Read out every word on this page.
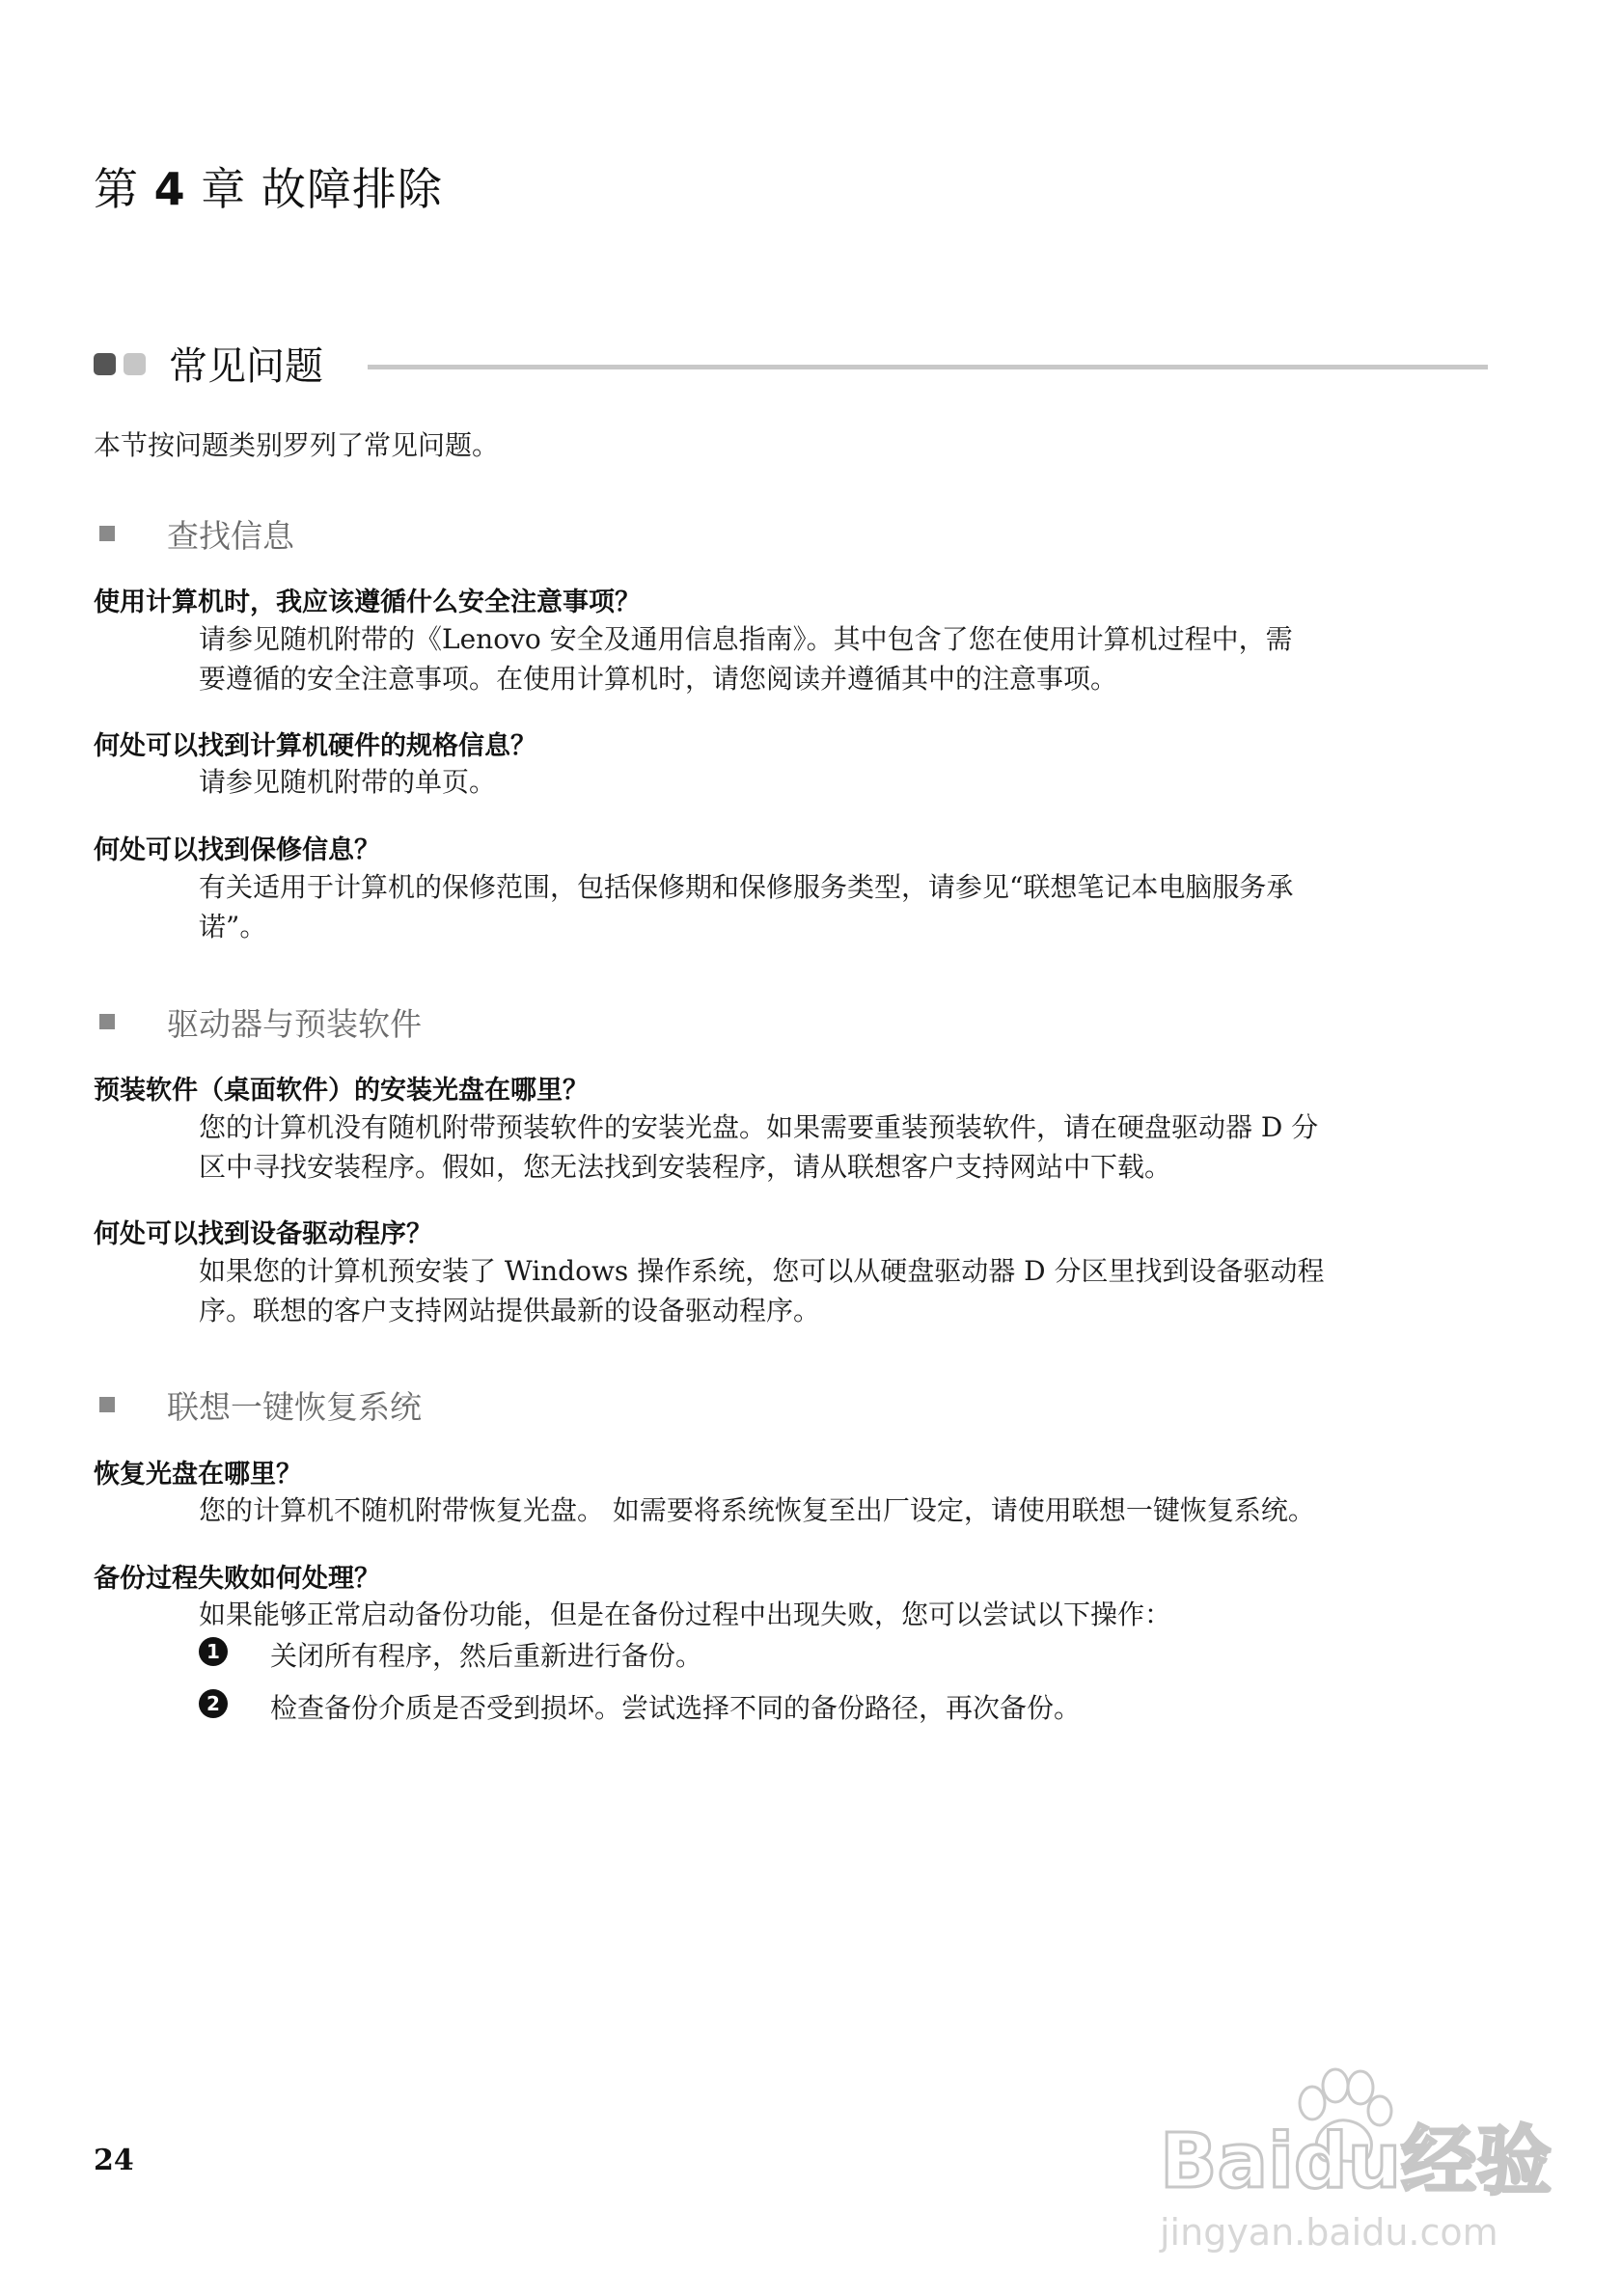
第 4 章 故障排除
常见问题
本节按问题类别罗列了常见问题。
查找信息
使用计算机时，我应该遵循什么安全注意事项？
请参见随机附带的《Lenovo 安全及通用信息指南》。其中包含了您在使用计算机过程中，需
要遵循的安全注意事项。在使用计算机时，请您阅读并遵循其中的注意事项。
何处可以找到计算机硬件的规格信息？
请参见随机附带的单页。
何处可以找到保修信息？
有关适用于计算机的保修范围，包括保修期和保修服务类型，请参见“联想笔记本电脑服务承
诺”。
驱动器与预装软件
预装软件（桌面软件）的安装光盘在哪里？
您的计算机没有随机附带预装软件的安装光盘。如果需要重装预装软件，请在硬盘驱动器 D 分
区中寻找安装程序。假如，您无法找到安装程序，请从联想客户支持网站中下载。
何处可以找到设备驱动程序？
如果您的计算机预安装了 Windows 操作系统，您可以从硬盘驱动器 D 分区里找到设备驱动程
序。联想的客户支持网站提供最新的设备驱动程序。
联想一键恢复系统
恢复光盘在哪里？
您的计算机不随机附带恢复光盘。 如需要将系统恢复至出厂设定，请使用联想一键恢复系统。
备份过程失败如何处理？
如果能够正常启动备份功能，但是在备份过程中出现失败，您可以尝试以下操作：
1 关闭所有程序，然后重新进行备份。
2 检查备份介质是否受到损坏。尝试选择不同的备份路径，再次备份。
24	Baidu经验
jingyan.baidu.com
